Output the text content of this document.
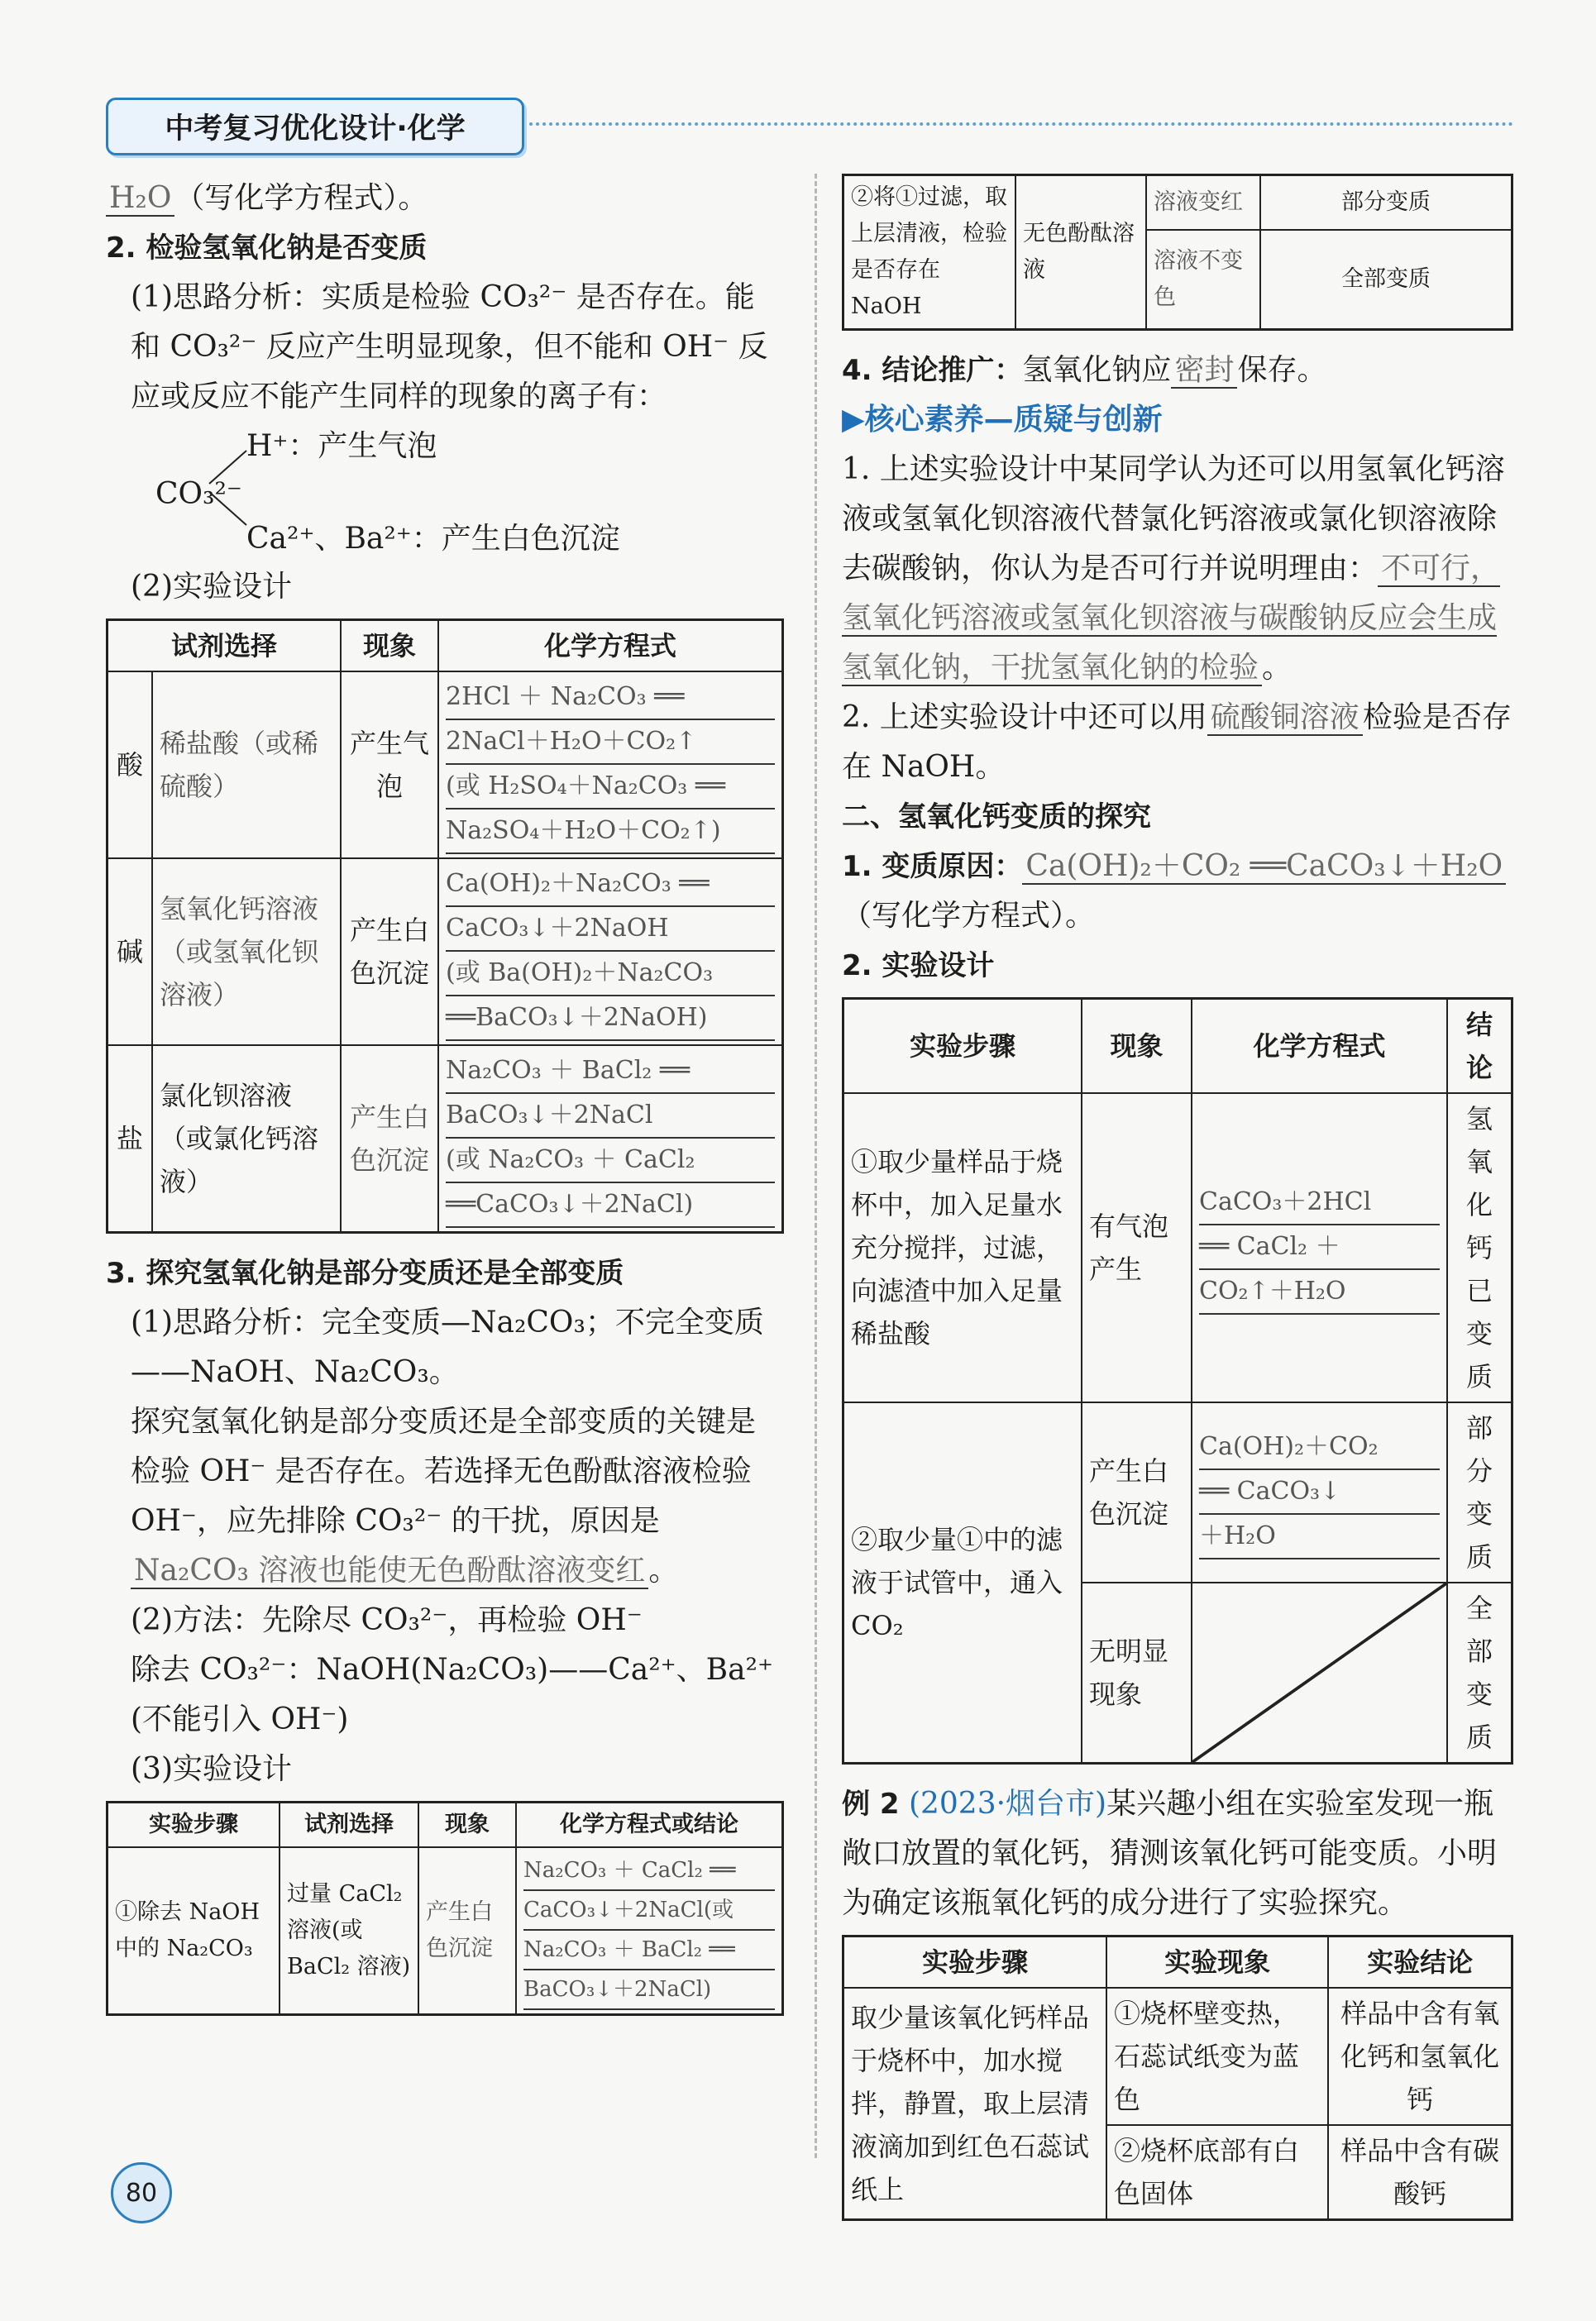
中考复习优化设计·化学

H₂O （写化学方程式）。

2. 检验氢氧化钠是否变质

(1)思路分析：实质是检验 CO₃²⁻ 是否存在。能和 CO₃²⁻ 反应产生明显现象，但不能和 OH⁻ 反应或反应不能产生同样的现象的离子有：

H⁺：产生气泡
CO₃²⁻
Ca²⁺、Ba²⁺：产生白色沉淀

(2)实验设计

试剂选择		现象	化学方程式
酸	稀盐酸（或稀硫酸）	产生气泡	2HCl ＋ Na₂CO₃ ══
2NaCl＋H₂O＋CO₂↑
(或 H₂SO₄＋Na₂CO₃ ══
Na₂SO₄＋H₂O＋CO₂↑)

碱	氢氧化钙溶液（或氢氧化钡溶液）	产生白色沉淀	Ca(OH)₂＋Na₂CO₃ ══
CaCO₃↓＋2NaOH
(或 Ba(OH)₂＋Na₂CO₃
══BaCO₃↓＋2NaOH)

盐	氯化钡溶液（或氯化钙溶液）	产生白色沉淀	Na₂CO₃ ＋ BaCl₂ ══
BaCO₃↓＋2NaCl
(或 Na₂CO₃ ＋ CaCl₂
══CaCO₃↓＋2NaCl)

3. 探究氢氧化钠是部分变质还是全部变质

(1)思路分析：完全变质—Na₂CO₃；不完全变质——NaOH、Na₂CO₃。

探究氢氧化钠是部分变质还是全部变质的关键是检验 OH⁻ 是否存在。若选择无色酚酞溶液检验 OH⁻，应先排除 CO₃²⁻ 的干扰，原因是 Na₂CO₃ 溶液也能使无色酚酞溶液变红 。

(2)方法：先除尽 CO₃²⁻，再检验 OH⁻

除去 CO₃²⁻：NaOH(Na₂CO₃)——Ca²⁺、Ba²⁺

(不能引入 OH⁻)

(3)实验设计

实验步骤	试剂选择	现象	化学方程式或结论
①除去 NaOH 中的 Na₂CO₃	过量 CaCl₂ 溶液(或 BaCl₂ 溶液)	产生白色沉淀	Na₂CO₃ ＋ CaCl₂ ══
CaCO₃↓＋2NaCl(或
Na₂CO₃ ＋ BaCl₂ ══
BaCO₃↓＋2NaCl)
②将①过滤，取上层清液，检验是否存在 NaOH	无色酚酞溶液	溶液变红	部分变质
		溶液不变色	全部变质

4. 结论推广：氢氧化钠应 密封 保存。

▶核心素养—质疑与创新

1. 上述实验设计中某同学认为还可以用氢氧化钙溶液或氢氧化钡溶液代替氯化钙溶液或氯化钡溶液除去碳酸钠，你认为是否可行并说明理由： 不可行，氢氧化钙溶液或氢氧化钡溶液与碳酸钠反应会生成氢氧化钠，干扰氢氧化钠的检验 。

2. 上述实验设计中还可以用 硫酸铜溶液 检验是否存在 NaOH。

二、氢氧化钙变质的探究

1. 变质原因： Ca(OH)₂＋CO₂ ══CaCO₃↓＋H₂O（写化学方程式）。

2. 实验设计

实验步骤	现象	化学方程式	结论
①取少量样品于烧杯中，加入足量水充分搅拌，过滤，向滤渣中加入足量稀盐酸	有气泡产生	CaCO₃＋2HCl
══ CaCl₂ ＋
CO₂↑＋H₂O	氢氧化钙已变质
②取少量①中的滤液于试管中，通入 CO₂	产生白色沉淀	Ca(OH)₂＋CO₂
══ CaCO₃↓
＋H₂O	部分变质
	无明显现象		全部变质

例 2 (2023·烟台市)某兴趣小组在实验室发现一瓶敞口放置的氧化钙，猜测该氧化钙可能变质。小明为确定该瓶氧化钙的成分进行了实验探究。

实验步骤	实验现象	实验结论
取少量该氧化钙样品于烧杯中，加水搅拌，静置，取上层清液滴加到红色石蕊试纸上	①烧杯壁变热，石蕊试纸变为蓝色	样品中含有氧化钙和氢氧化钙
	②烧杯底部有白色固体	样品中含有碳酸钙
80
